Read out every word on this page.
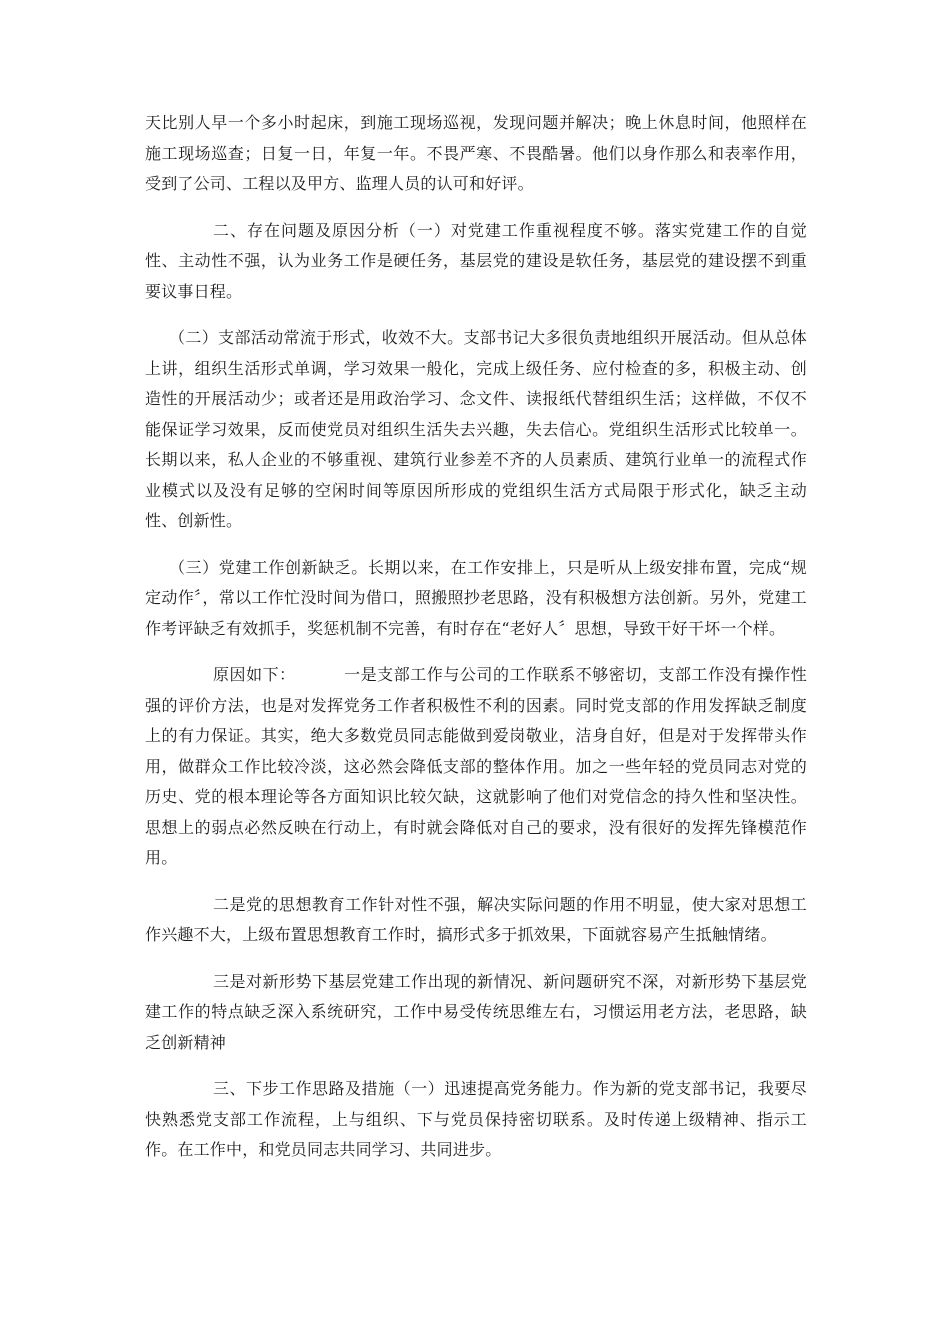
天比别人早一个多小时起床，到施工现场巡视，发现问题并解决；晚上休息时间，他照样在施工现场巡查；日复一日，年复一年。不畏严寒、不畏酷暑。他们以身作那么和表率作用，受到了公司、工程以及甲方、监理人员的认可和好评。

二、存在问题及原因分析（一）对党建工作重视程度不够。落实党建工作的自觉性、主动性不强，认为业务工作是硬任务，基层党的建设是软任务，基层党的建设摆不到重要议事日程。

（二）支部活动常流于形式，收效不大。支部书记大多很负责地组织开展活动。但从总体上讲，组织生活形式单调，学习效果一般化，完成上级任务、应付检查的多，积极主动、创造性的开展活动少；或者还是用政治学习、念文件、读报纸代替组织生活；这样做，不仅不能保证学习效果，反而使党员对组织生活失去兴趣，失去信心。党组织生活形式比较单一。长期以来，私人企业的不够重视、建筑行业参差不齐的人员素质、建筑行业单一的流程式作业模式以及没有足够的空闲时间等原因所形成的党组织生活方式局限于形式化，缺乏主动性、创新性。

（三）党建工作创新缺乏。长期以来，在工作安排上，只是听从上级安排布置，完成“规定动作〞，常以工作忙没时间为借口，照搬照抄老思路，没有积极想方法创新。另外，党建工作考评缺乏有效抓手，奖惩机制不完善，有时存在“老好人〞思想，导致干好干坏一个样。

原因如下：	一是支部工作与公司的工作联系不够密切，支部工作没有操作性强的评价方法，也是对发挥党务工作者积极性不利的因素。同时党支部的作用发挥缺乏制度上的有力保证。其实，绝大多数党员同志能做到爱岗敬业，洁身自好，但是对于发挥带头作用，做群众工作比较冷淡，这必然会降低支部的整体作用。加之一些年轻的党员同志对党的历史、党的根本理论等各方面知识比较欠缺，这就影响了他们对党信念的持久性和坚决性。思想上的弱点必然反映在行动上，有时就会降低对自己的要求，没有很好的发挥先锋模范作用。

二是党的思想教育工作针对性不强，解决实际问题的作用不明显，使大家对思想工作兴趣不大，上级布置思想教育工作时，搞形式多于抓效果，下面就容易产生抵触情绪。

三是对新形势下基层党建工作出现的新情况、新问题研究不深，对新形势下基层党建工作的特点缺乏深入系统研究，工作中易受传统思维左右，习惯运用老方法，老思路，缺乏创新精神

三、下步工作思路及措施（一）迅速提高党务能力。作为新的党支部书记，我要尽快熟悉党支部工作流程，上与组织、下与党员保持密切联系。及时传递上级精神、指示工作。在工作中，和党员同志共同学习、共同进步。
